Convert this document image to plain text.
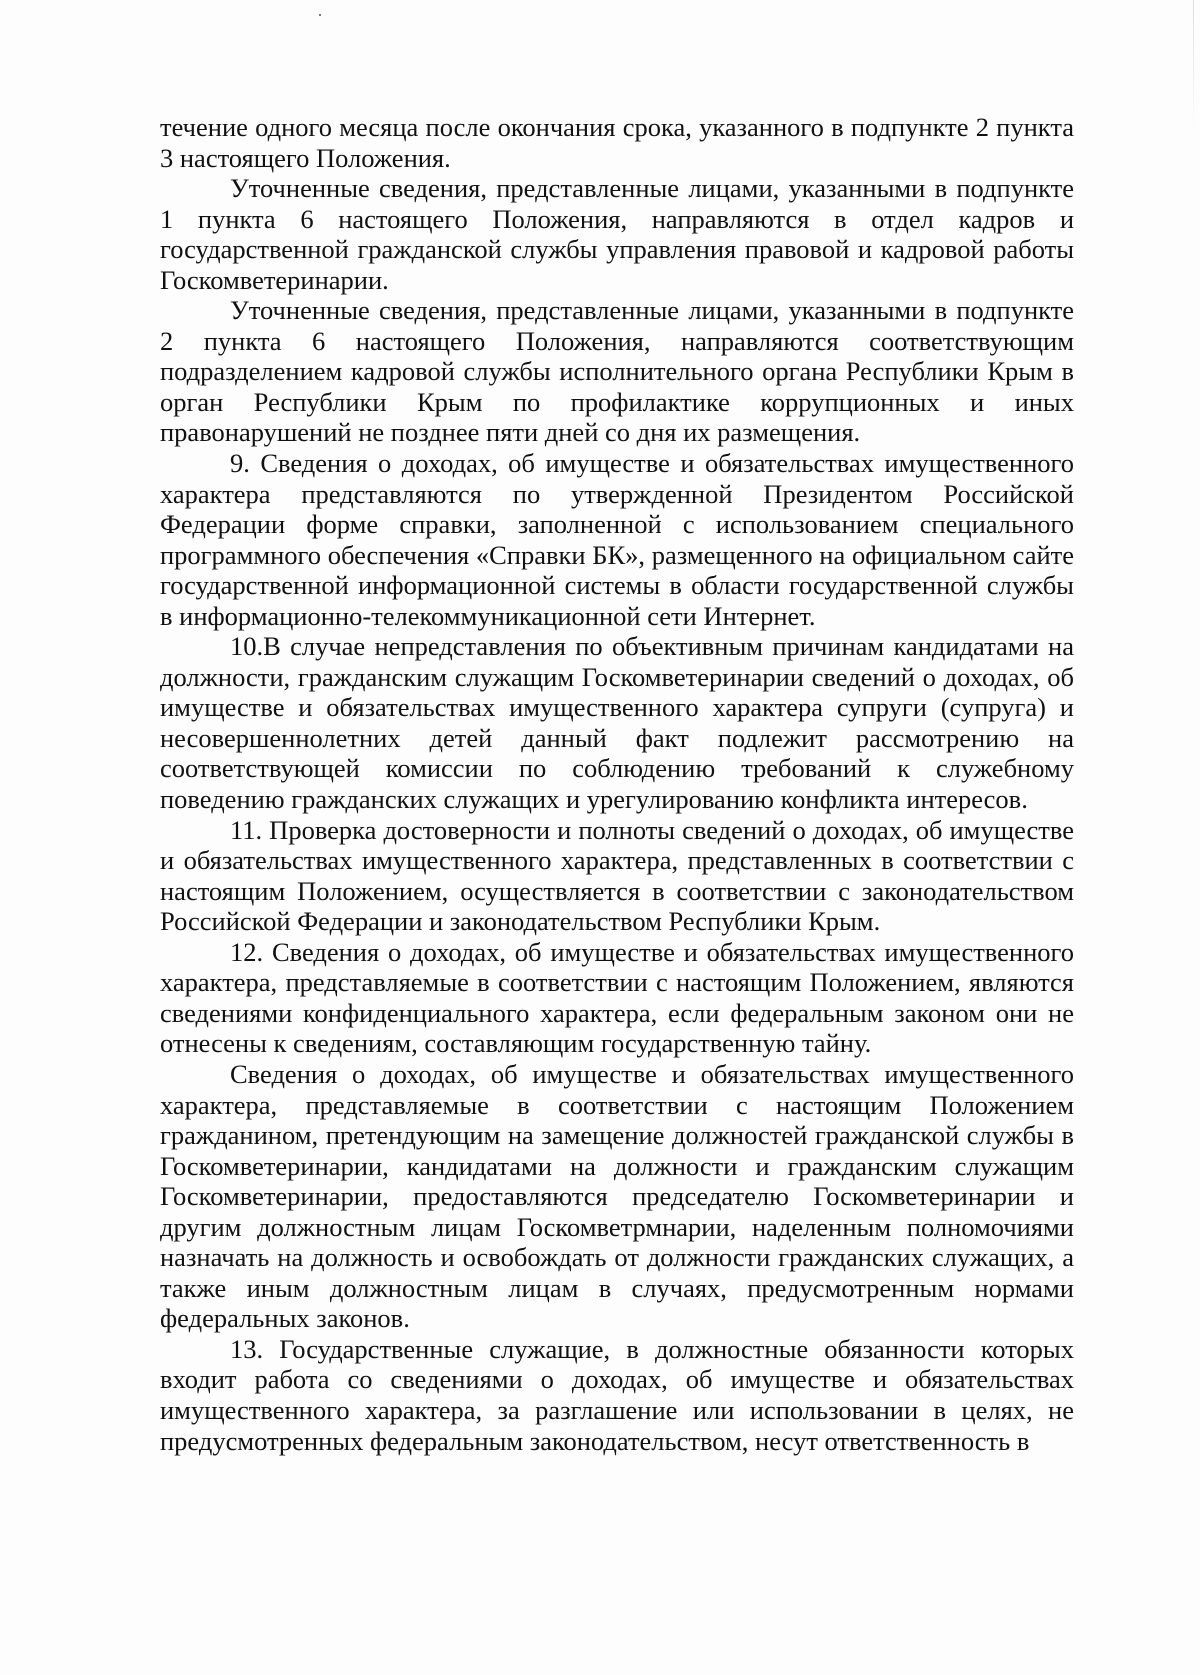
течение одного месяца после окончания срока, указанного в подпункте 2 пункта 3 настоящего Положения.

Уточненные сведения, представленные лицами, указанными в подпункте 1 пункта 6 настоящего Положения, направляются в отдел кадров и государственной гражданской службы управления правовой и кадровой работы Госкомветеринарии.

Уточненные сведения, представленные лицами, указанными в подпункте 2 пункта 6 настоящего Положения, направляются соответствующим подразделением кадровой службы исполнительного органа Республики Крым в орган Республики Крым по профилактике коррупционных и иных правонарушений не позднее пяти дней со дня их размещения.

9. Сведения о доходах, об имуществе и обязательствах имущественного характера представляются по утвержденной Президентом Российской Федерации форме справки, заполненной с использованием специального программного обеспечения «Справки БК», размещенного на официальном сайте государственной информационной системы в области государственной службы в информационно-телекоммуникационной сети Интернет.

10.В случае непредставления по объективным причинам кандидатами на должности, гражданским служащим Госкомветеринарии сведений о доходах, об имуществе и обязательствах имущественного характера супруги (супруга) и несовершеннолетних детей данный факт подлежит рассмотрению на соответствующей комиссии по соблюдению требований к служебному поведению гражданских служащих и урегулированию конфликта интересов.

11. Проверка достоверности и полноты сведений о доходах, об имуществе и обязательствах имущественного характера, представленных в соответствии с настоящим Положением, осуществляется в соответствии с законодательством Российской Федерации и законодательством Республики Крым.

12. Сведения о доходах, об имуществе и обязательствах имущественного характера, представляемые в соответствии с настоящим Положением, являются сведениями конфиденциального характера, если федеральным законом они не отнесены к сведениям, составляющим государственную тайну.

Сведения о доходах, об имуществе и обязательствах имущественного характера, представляемые в соответствии с настоящим Положением гражданином, претендующим на замещение должностей гражданской службы в Госкомветеринарии, кандидатами на должности и гражданским служащим Госкомветеринарии, предоставляются председателю Госкомветеринарии и другим должностным лицам Госкомветрмнарии, наделенным полномочиями назначать на должность и освобождать от должности гражданских служащих, а также иным должностным лицам в случаях, предусмотренным нормами федеральных законов.

13. Государственные служащие, в должностные обязанности которых входит работа со сведениями о доходах, об имуществе и обязательствах имущественного характера, за разглашение или использовании в целях, не предусмотренных федеральным законодательством, несут ответственность в
